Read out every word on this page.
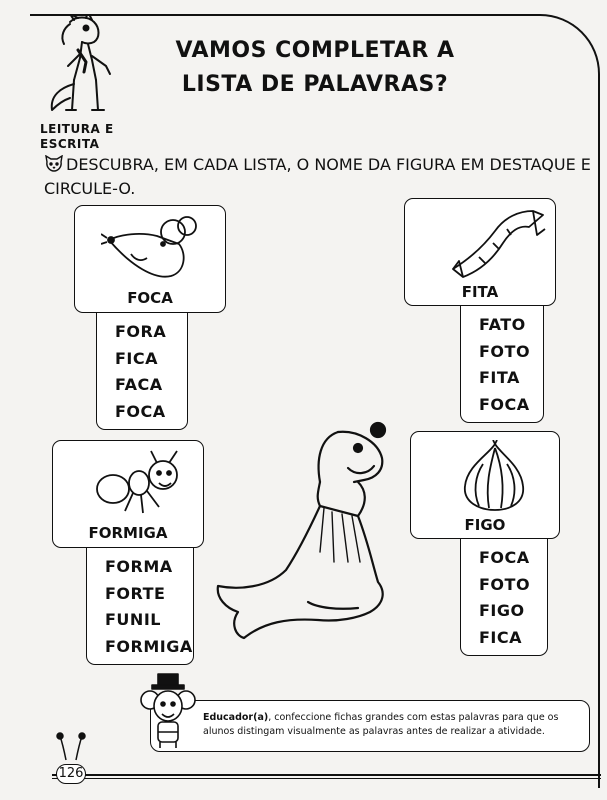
VAMOS COMPLETAR A
LISTA DE PALAVRAS?
LEITURA E
ESCRITA
DESCUBRA, EM CADA LISTA, O NOME DA FIGURA EM DESTAQUE E CIRCULE-O.
FOCA
FORA
FICA
FACA
FOCA
FITA
FATO
FOTO
FITA
FOCA
FORMIGA
FORMA
FORTE
FUNIL
FORMIGA
FIGO
FOCA
FOTO
FIGO
FICA
Educador(a), confeccione fichas grandes com estas palavras para que os alunos distingam visualmente as palavras antes de realizar a atividade.
126
